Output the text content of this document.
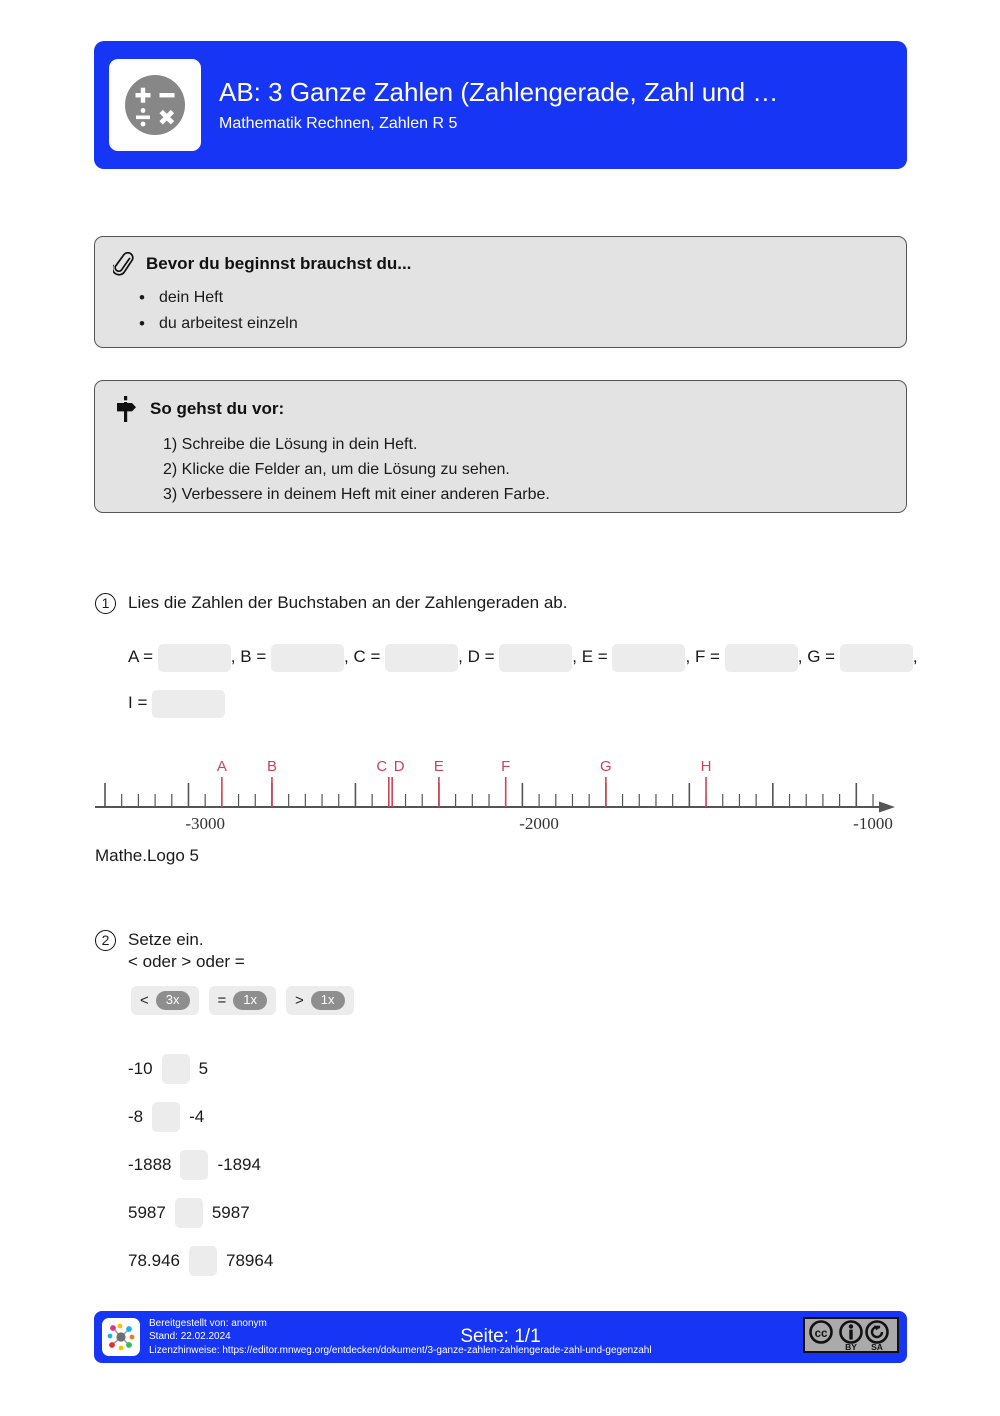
AB: 3 Ganze Zahlen (Zahlengerade, Zahl und …
Mathematik Rechnen, Zahlen R 5
Bevor du beginnst brauchst du...
• dein Heft
• du arbeitest einzeln
So gehst du vor:
1) Schreibe die Lösung in dein Heft.
2) Klicke die Felder an, um die Lösung zu sehen.
3) Verbessere in deinem Heft mit einer anderen Farbe.
1	Lies die Zahlen der Buchstaben an der Zahlengeraden ab.
A =	, B =	, C =	, D =	, E =	, F =	, G =	, I =
A	B	C D E	F	G	H
-3000	-2000	-1000
Mathe.Logo 5
2	Setze ein.
< oder > oder =
<	3x	=	1x	>	1x
-10	5
-8	-4
-1888	-1894
5987	5987
78.946	78964
Bereitgestellt von: anonym
Stand: 22.02.2024
Lizenzhinweise: https://editor.mnweg.org/entdecken/dokument/3-ganze-zahlen-zahlengerade-zahl-und-gegenzahl
Seite: 1/1	cc
BY SA
